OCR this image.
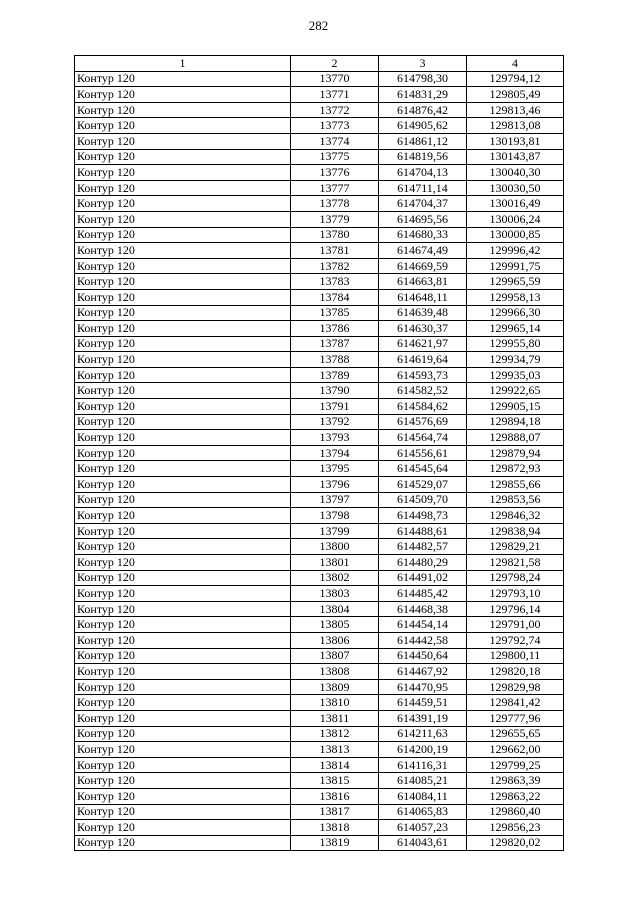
282
1	2	3	4
Контур 120	13770	614798,30	129794,12
Контур 120	13771	614831,29	129805,49
Контур 120	13772	614876,42	129813,46
Контур 120	13773	614905,62	129813,08
Контур 120	13774	614861,12	130193,81
Контур 120	13775	614819,56	130143,87
Контур 120	13776	614704,13	130040,30
Контур 120	13777	614711,14	130030,50
Контур 120	13778	614704,37	130016,49
Контур 120	13779	614695,56	130006,24
Контур 120	13780	614680,33	130000,85
Контур 120	13781	614674,49	129996,42
Контур 120	13782	614669,59	129991,75
Контур 120	13783	614663,81	129965,59
Контур 120	13784	614648,11	129958,13
Контур 120	13785	614639,48	129966,30
Контур 120	13786	614630,37	129965,14
Контур 120	13787	614621,97	129955,80
Контур 120	13788	614619,64	129934,79
Контур 120	13789	614593,73	129935,03
Контур 120	13790	614582,52	129922,65
Контур 120	13791	614584,62	129905,15
Контур 120	13792	614576,69	129894,18
Контур 120	13793	614564,74	129888,07
Контур 120	13794	614556,61	129879,94
Контур 120	13795	614545,64	129872,93
Контур 120	13796	614529,07	129855,66
Контур 120	13797	614509,70	129853,56
Контур 120	13798	614498,73	129846,32
Контур 120	13799	614488,61	129838,94
Контур 120	13800	614482,57	129829,21
Контур 120	13801	614480,29	129821,58
Контур 120	13802	614491,02	129798,24
Контур 120	13803	614485,42	129793,10
Контур 120	13804	614468,38	129796,14
Контур 120	13805	614454,14	129791,00
Контур 120	13806	614442,58	129792,74
Контур 120	13807	614450,64	129800,11
Контур 120	13808	614467,92	129820,18
Контур 120	13809	614470,95	129829,98
Контур 120	13810	614459,51	129841,42
Контур 120	13811	614391,19	129777,96
Контур 120	13812	614211,63	129655,65
Контур 120	13813	614200,19	129662,00
Контур 120	13814	614116,31	129799,25
Контур 120	13815	614085,21	129863,39
Контур 120	13816	614084,11	129863,22
Контур 120	13817	614065,83	129860,40
Контур 120	13818	614057,23	129856,23
Контур 120	13819	614043,61	129820,02
